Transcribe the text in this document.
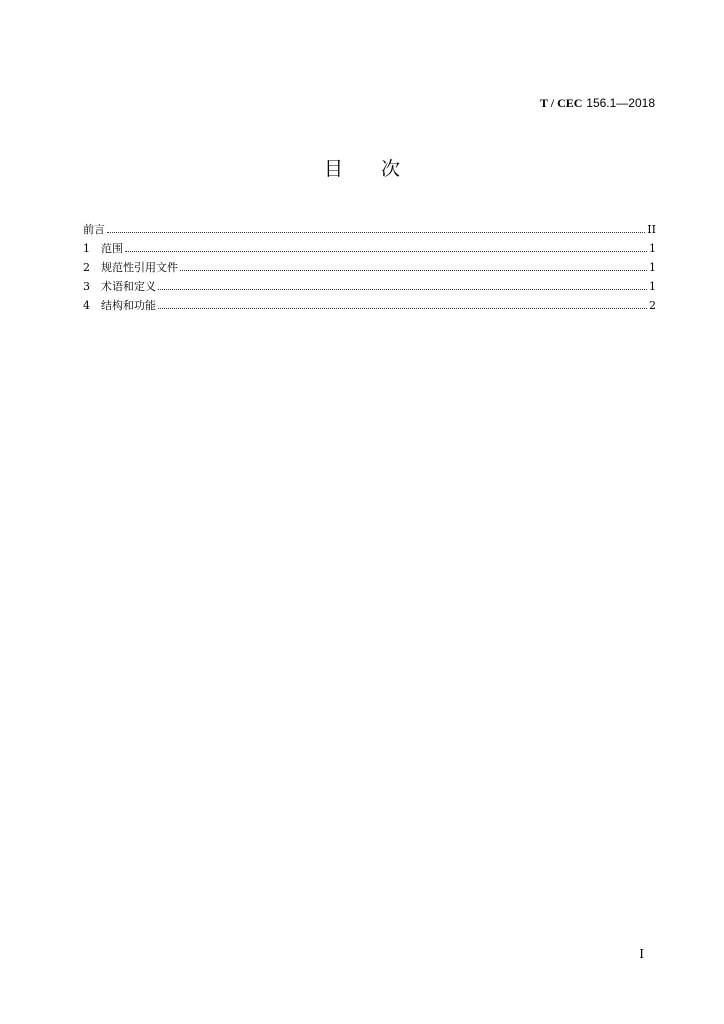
T / CEC 156.1—2018
目 次
前言	II
1	范围	1
2	规范性引用文件	1
3	术语和定义	1
4	结构和功能	2
I
